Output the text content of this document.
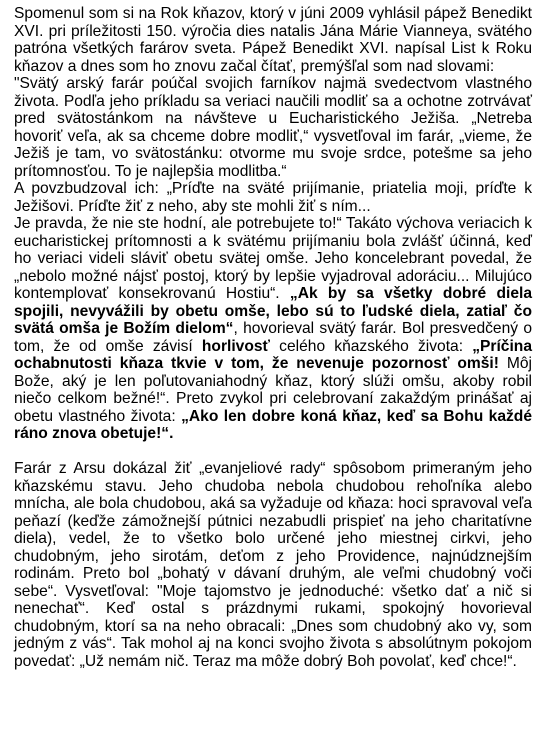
Spomenul som si na Rok kňazov, ktorý v júni 2009 vyhlásil pápež Benedikt XVI. pri príležitosti 150. výročia dies natalis Jána Márie Vianneya, svätého patróna všetkých farárov sveta. Pápež Benedikt XVI. napísal List k Roku kňazov a dnes som ho znovu začal čítať, premýšľal som nad slovami:
"Svätý arský farár poúčal svojich farníkov najmä svedectvom vlastného života. Podľa jeho príkladu sa veriaci naučili modliť sa a ochotne zotrvávať pred svätostánkom na návšteve u Eucharistického Ježiša. „Netreba hovoriť veľa, ak sa chceme dobre modliť,“ vysvetľoval im farár, „vieme, že Ježiš je tam, vo svätostánku: otvorme mu svoje srdce, potešme sa jeho prítomnosťou. To je najlepšia modlitba.“
A povzbudzoval ich: „Príďte na sväté prijímanie, priatelia moji, príďte k Ježišovi. Príďte žiť z neho, aby ste mohli žiť s ním...
Je pravda, že nie ste hodní, ale potrebujete to!“ Takáto výchova veriacich k eucharistickej prítomnosti a k svätému prijímaniu bola zvlášť účinná, keď ho veriaci videli sláviť obetu svätej omše. Jeho koncelebrant povedal, že „nebolo možné nájsť postoj, ktorý by lepšie vyjadroval adoráciu... Milujúco kontemplovať konsekrovanú Hostiu“. „Ak by sa všetky dobré diela spojili, nevyvážili by obetu omše, lebo sú to ľudské diela, zatiaľ čo svätá omša je Božím dielom“, hovorieval svätý farár. Bol presvedčený o tom, že od omše závisí horlivosť celého kňazského života: „Príčina ochabnutosti kňaza tkvie v tom, že nevenuje pozornosť omši! Môj Bože, aký je len poľutovaniahodný kňaz, ktorý slúži omšu, akoby robil niečo celkom bežné!“. Preto zvykol pri celebrovaní zakaždým prinášať aj obetu vlastného života: „Ako len dobre koná kňaz, keď sa Bohu každé ráno znova obetuje!“.

Farár z Arsu dokázal žiť „evanjeliové rady“ spôsobom primeraným jeho kňazskému stavu. Jeho chudoba nebola chudobou rehoľníka alebo mnícha, ale bola chudobou, aká sa vyžaduje od kňaza: hoci spravoval veľa peňazí (keďže zámožnejší pútnici nezabudli prispieť na jeho charitatívne diela), vedel, že to všetko bolo určené jeho miestnej cirkvi, jeho chudobným, jeho sirotám, deťom z jeho Providence, najnúdznejším rodinám. Preto bol „bohatý v dávaní druhým, ale veľmi chudobný voči sebe“. Vysvetľoval: "Moje tajomstvo je jednoduché: všetko dať a nič si nenechať“. Keď ostal s prázdnymi rukami, spokojný hovorieval chudobným, ktorí sa na neho obracali: „Dnes som chudobný ako vy, som jedným z vás“. Tak mohol aj na konci svojho života s absolútnym pokojom povedať: „Už nemám nič. Teraz ma môže dobrý Boh povolať, keď chce!“.
